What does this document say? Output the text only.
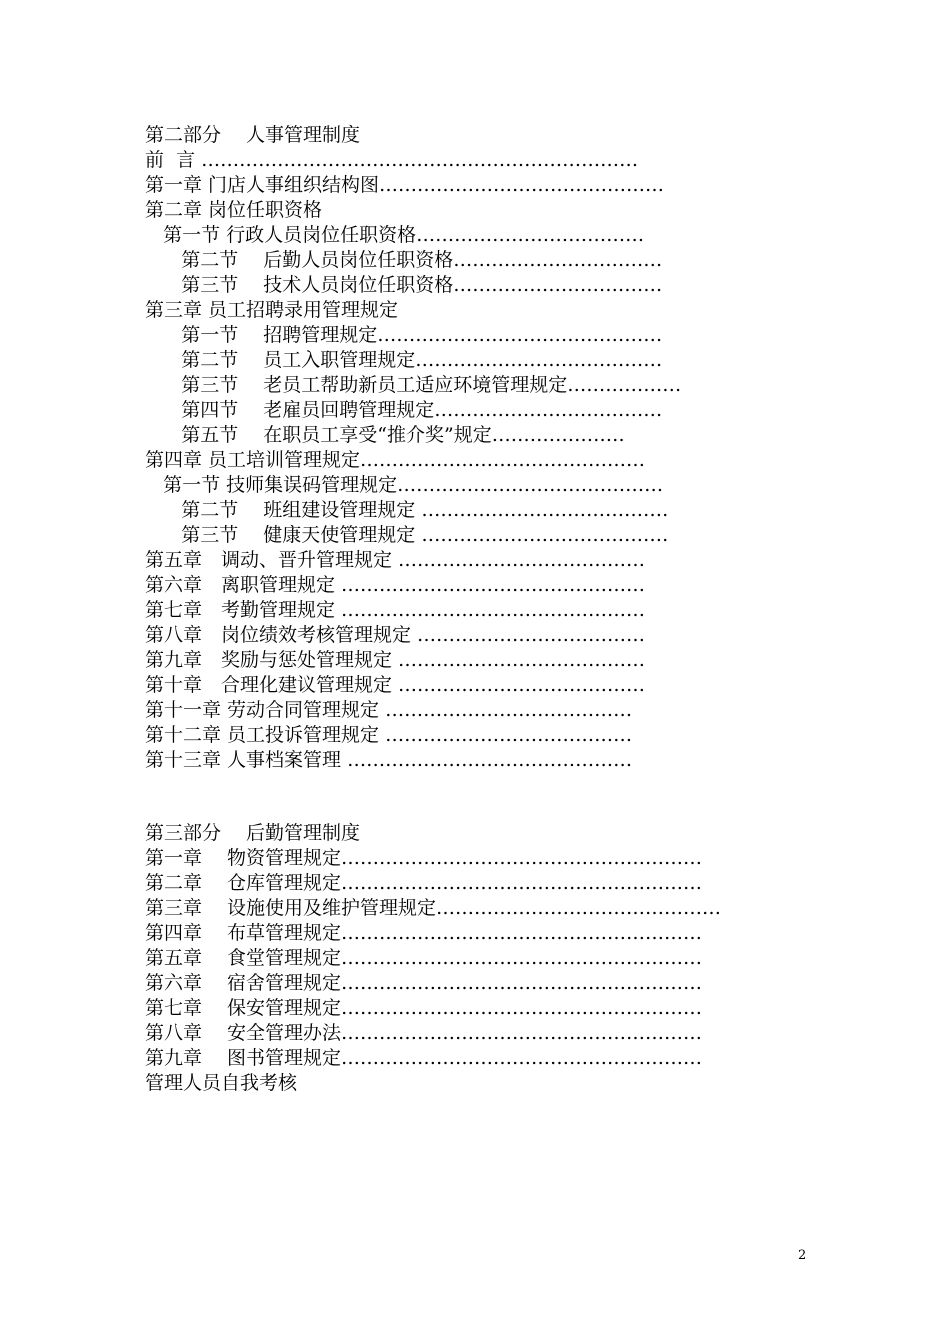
第二部分　 人事管理制度
前  言 ……………………………………………………………
第一章 门店人事组织结构图………………………………………
第二章 岗位任职资格
第一节 行政人员岗位任职资格………………………………
第二节　 后勤人员岗位任职资格……………………………
第三节　 技术人员岗位任职资格……………………………
第三章 员工招聘录用管理规定
第一节　 招聘管理规定………………………………………
第二节　 员工入职管理规定…………………………………
第三节　 老员工帮助新员工适应环境管理规定………………
第四节　 老雇员回聘管理规定………………………………
第五节　 在职员工享受“推介奖”规定…………………
第四章 员工培训管理规定………………………………………
第一节 技师集误码管理规定……………………………………
第二节　 班组建设管理规定 …………………………………
第三节　 健康天使管理规定 …………………………………
第五章　调动、晋升管理规定 …………………………………
第六章　离职管理规定 …………………………………………
第七章　考勤管理规定 …………………………………………
第八章　岗位绩效考核管理规定 ………………………………
第九章　奖励与惩处管理规定 …………………………………
第十章　合理化建议管理规定 …………………………………
第十一章 劳动合同管理规定 …………………………………
第十二章 员工投诉管理规定 …………………………………
第十三章 人事档案管理 ………………………………………
第三部分　 后勤管理制度
第一章　 物资管理规定…………………………………………………
第二章　 仓库管理规定…………………………………………………
第三章　 设施使用及维护管理规定………………………………………
第四章　 布草管理规定…………………………………………………
第五章　 食堂管理规定…………………………………………………
第六章　 宿舍管理规定…………………………………………………
第七章　 保安管理规定…………………………………………………
第八章　 安全管理办法…………………………………………………
第九章　 图书管理规定…………………………………………………
管理人员自我考核
2
